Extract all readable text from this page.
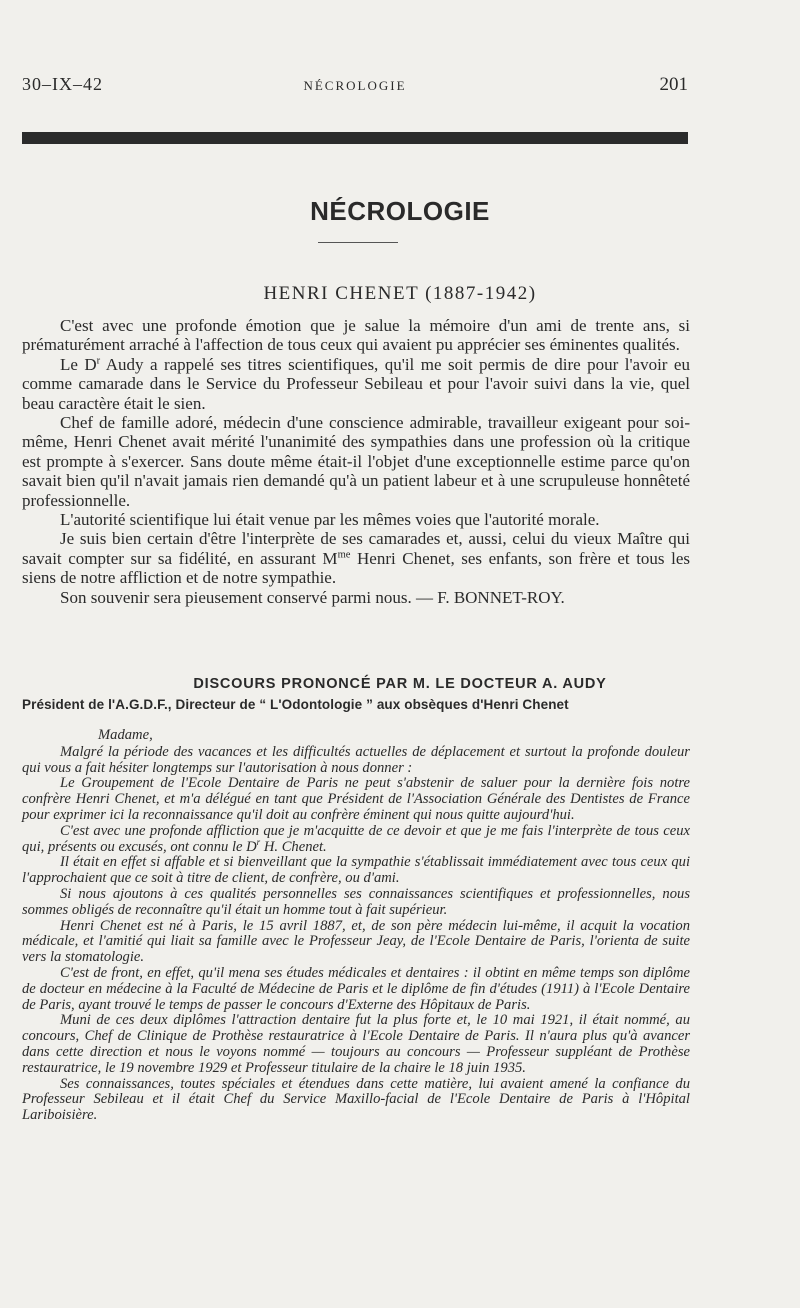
30–IX–42	NÉCROLOGIE	201
NÉCROLOGIE
HENRI CHENET (1887-1942)

C'est avec une profonde émotion que je salue la mémoire d'un ami de trente ans, si prématurément arraché à l'affection de tous ceux qui avaient pu apprécier ses éminentes qualités.

Le $D^r$ Audy a rappelé ses titres scientifiques, qu'il me soit permis de dire pour l'avoir eu comme camarade dans le Service du Professeur Sebileau et pour l'avoir suivi dans la vie, quel beau caractère était le sien.

Chef de famille adoré, médecin d'une conscience admirable, travailleur exigeant pour soi-même, Henri Chenet avait mérité l'unanimité des sympathies dans une profession où la critique est prompte à s'exercer. Sans doute même était-il l'objet d'une exceptionnelle estime parce qu'on savait bien qu'il n'avait jamais rien demandé qu'à un patient labeur et à une scrupuleuse honnêteté professionnelle.

L'autorité scientifique lui était venue par les mêmes voies que l'autorité morale.

Je suis bien certain d'être l'interprète de ses camarades et, aussi, celui du vieux Maître qui savait compter sur sa fidélité, en assurant $M^{me}$ Henri Chenet, ses enfants, son frère et tous les siens de notre affliction et de notre sympathie.

Son souvenir sera pieusement conservé parmi nous. — F. BONNET-ROY.

DISCOURS PRONONCÉ PAR M. LE DOCTEUR A. AUDY
Président de l'A.G.D.F., Directeur de “ L'Odontologie ” aux obsèques d'Henri Chenet

Madame,

Malgré la période des vacances et les difficultés actuelles de déplacement et surtout la profonde douleur qui vous a fait hésiter longtemps sur l'autorisation à nous donner :

Le Groupement de l'Ecole Dentaire de Paris ne peut s'abstenir de saluer pour la dernière fois notre confrère Henri Chenet, et m'a délégué en tant que Président de l'Association Générale des Dentistes de France pour exprimer ici la reconnaissance qu'il doit au confrère éminent qui nous quitte aujourd'hui.

C'est avec une profonde affliction que je m'acquitte de ce devoir et que je me fais l'interprète de tous ceux qui, présents ou excusés, ont connu le $D^r$ H. Chenet.

Il était en effet si affable et si bienveillant que la sympathie s'établissait immédiatement avec tous ceux qui l'approchaient que ce soit à titre de client, de confrère, ou d'ami.

Si nous ajoutons à ces qualités personnelles ses connaissances scientifiques et professionnelles, nous sommes obligés de reconnaître qu'il était un homme tout à fait supérieur.

Henri Chenet est né à Paris, le 15 avril 1887, et, de son père médecin lui-même, il acquit la vocation médicale, et l'amitié qui liait sa famille avec le Professeur Jeay, de l'Ecole Dentaire de Paris, l'orienta de suite vers la stomatologie.

C'est de front, en effet, qu'il mena ses études médicales et dentaires : il obtint en même temps son diplôme de docteur en médecine à la Faculté de Médecine de Paris et le diplôme de fin d'études (1911) à l'Ecole Dentaire de Paris, ayant trouvé le temps de passer le concours d'Externe des Hôpitaux de Paris.

Muni de ces deux diplômes l'attraction dentaire fut la plus forte et, le 10 mai 1921, il était nommé, au concours, Chef de Clinique de Prothèse restauratrice à l'Ecole Dentaire de Paris. Il n'aura plus qu'à avancer dans cette direction et nous le voyons nommé — toujours au concours — Professeur suppléant de Prothèse restauratrice, le 19 novembre 1929 et Professeur titulaire de la chaire le 18 juin 1935.

Ses connaissances, toutes spéciales et étendues dans cette matière, lui avaient amené la confiance du Professeur Sebileau et il était Chef du Service Maxillo-facial de l'Ecole Dentaire de Paris à l'Hôpital Lariboisière.
